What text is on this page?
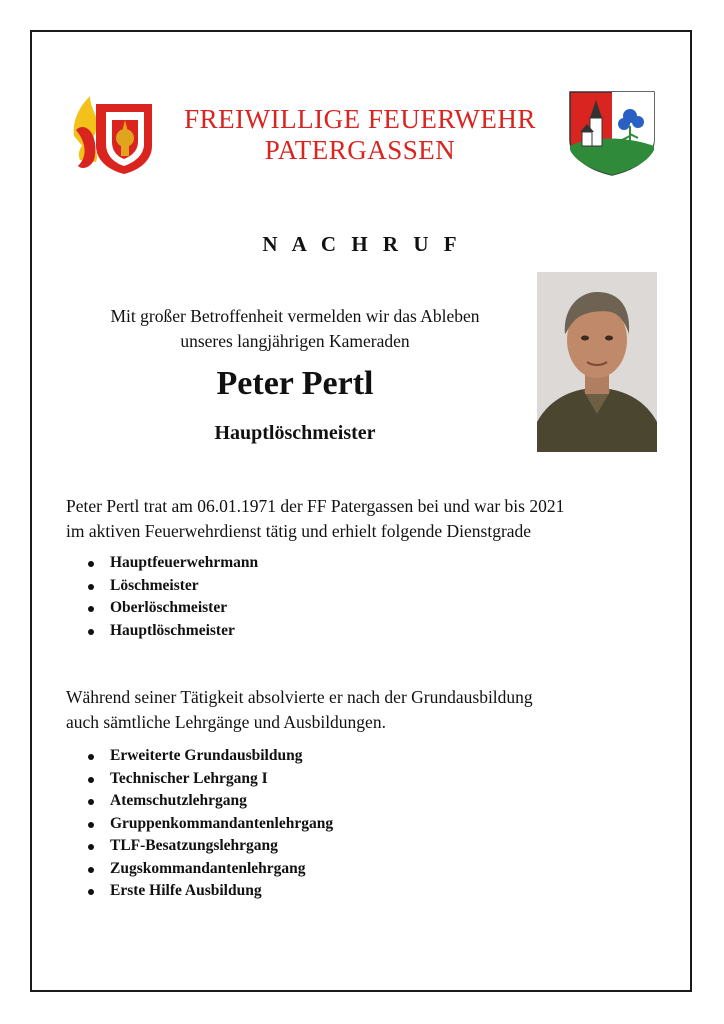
FREIWILLIGE FEUERWEHR
PATERGASSEN
N A C H R U F
Mit großer Betroffenheit vermelden wir das Ableben
unseres langjährigen Kameraden
Peter Pertl
Hauptlöschmeister
Peter Pertl trat am 06.01.1971 der FF Patergassen bei und war bis 2021
im aktiven Feuerwehrdienst tätig und erhielt folgende Dienstgrade
Hauptfeuerwehrmann
Löschmeister
Oberlöschmeister
Hauptlöschmeister
Während seiner Tätigkeit absolvierte er nach der Grundausbildung
auch sämtliche Lehrgänge und Ausbildungen.
Erweiterte Grundausbildung
Technischer Lehrgang I
Atemschutzlehrgang
Gruppenkommandantenlehrgang
TLF-Besatzungslehrgang
Zugskommandantenlehrgang
Erste Hilfe Ausbildung
